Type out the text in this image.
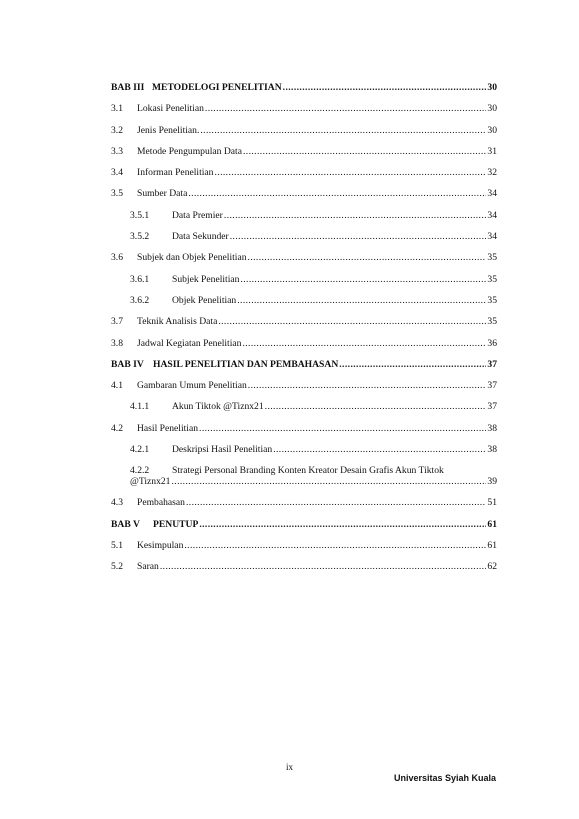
BAB III METODELOGI PENELITIAN .....	30
3.1	Lokasi Penelitian .....	30
3.2	Jenis Penelitian. .....	30
3.3	Metode Pengumpulan Data .....	31
3.4	Informan Penelitian .....	32
3.5	Sumber Data .....	34
3.5.1	Data Premier .....	34
3.5.2	Data Sekunder .....	34
3.6	Subjek dan Objek Penelitian .....	35
3.6.1	Subjek Penelitian .....	35
3.6.2	Objek Penelitian .....	35
3.7	Teknik Analisis Data .....	35
3.8	Jadwal Kegiatan Penelitian .....	36
BAB IV HASIL PENELITIAN DAN PEMBAHASAN .....	37
4.1	Gambaran Umum Penelitian .....	37
4.1.1	Akun Tiktok @Tiznx21 .....	37
4.2	Hasil Penelitian .....	38
4.2.1	Deskripsi Hasil Penelitian .....	38
4.2.2 Strategi Personal Branding Konten Kreator Desain Grafis Akun Tiktok
@Tiznx21 .....	39
4.3	Pembahasan .....	51
BAB V	PENUTUP .....	61
5.1	Kesimpulan .....	61
5.2	Saran .....	62
ix
Universitas Syiah Kuala
